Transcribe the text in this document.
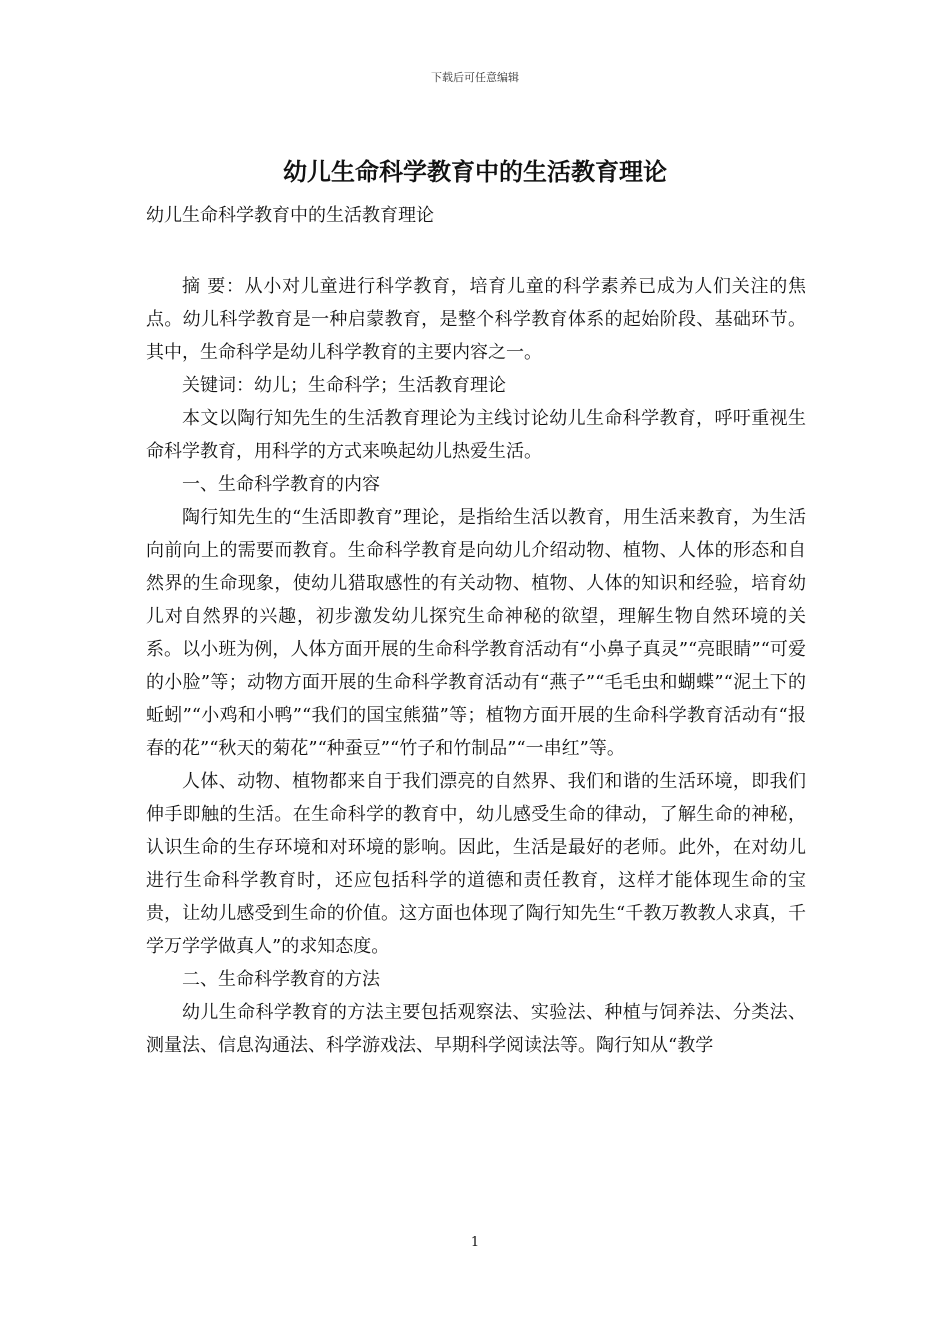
下载后可任意编辑
幼儿生命科学教育中的生活教育理论
幼儿生命科学教育中的生活教育理论

摘 要：从小对儿童进行科学教育，培育儿童的科学素养已成为人们关注的焦点。幼儿科学教育是一种启蒙教育，是整个科学教育体系的起始阶段、基础环节。其中，生命科学是幼儿科学教育的主要内容之一。

关键词：幼儿；生命科学；生活教育理论

本文以陶行知先生的生活教育理论为主线讨论幼儿生命科学教育，呼吁重视生命科学教育，用科学的方式来唤起幼儿热爱生活。

一、生命科学教育的内容

陶行知先生的“生活即教育”理论，是指给生活以教育，用生活来教育，为生活向前向上的需要而教育。生命科学教育是向幼儿介绍动物、植物、人体的形态和自然界的生命现象，使幼儿猎取感性的有关动物、植物、人体的知识和经验，培育幼儿对自然界的兴趣，初步激发幼儿探究生命神秘的欲望，理解生物自然环境的关系。以小班为例，人体方面开展的生命科学教育活动有“小鼻子真灵”“亮眼睛”“可爱的小脸”等；动物方面开展的生命科学教育活动有“燕子”“毛毛虫和蝴蝶”“泥土下的蚯蚓”“小鸡和小鸭”“我们的国宝熊猫”等；植物方面开展的生命科学教育活动有“报春的花”“秋天的菊花”“种蚕豆”“竹子和竹制品”“一串红”等。

人体、动物、植物都来自于我们漂亮的自然界、我们和谐的生活环境，即我们伸手即触的生活。在生命科学的教育中，幼儿感受生命的律动，了解生命的神秘，认识生命的生存环境和对环境的影响。因此，生活是最好的老师。此外，在对幼儿进行生命科学教育时，还应包括科学的道德和责任教育，这样才能体现生命的宝贵，让幼儿感受到生命的价值。这方面也体现了陶行知先生“千教万教教人求真，千学万学学做真人”的求知态度。

二、生命科学教育的方法

幼儿生命科学教育的方法主要包括观察法、实验法、种植与饲养法、分类法、测量法、信息沟通法、科学游戏法、早期科学阅读法等。陶行知从“教学

1
